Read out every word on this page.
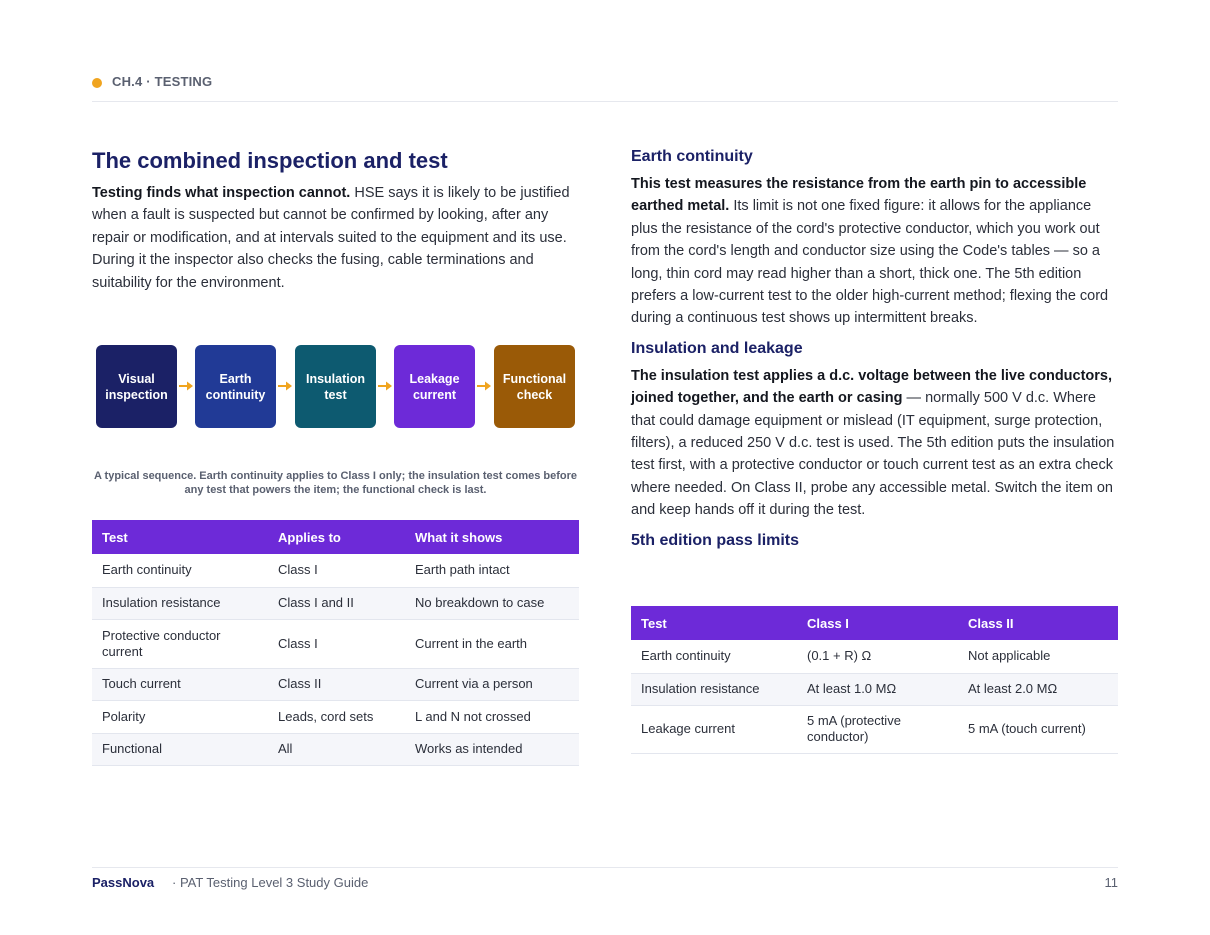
CH.4 · TESTING
The combined inspection and test

Testing finds what inspection cannot. HSE says it is likely to be justified when a fault is suspected but cannot be confirmed by looking, after any repair or modification, and at intervals suited to the equipment and its use. During it the inspector also checks the fusing, cable terminations and suitability for the environment.

Visual
inspection
Earth
continuity
Insulation
test
Leakage
current
Functional
check
A typical sequence. Earth continuity applies to Class I only; the insulation test comes before any test that powers the item; the functional check is last.
Test	Applies to	What it shows
Earth continuity	Class I	Earth path intact
Insulation resistance	Class I and II	No breakdown to case
Protective conductor current	Class I	Current in the earth
Touch current	Class II	Current via a person
Polarity	Leads, cord sets	L and N not crossed
Functional	All	Works as intended
Earth continuity

This test measures the resistance from the earth pin to accessible earthed metal. Its limit is not one fixed figure: it allows for the appliance plus the resistance of the cord's protective conductor, which you work out from the cord's length and conductor size using the Code's tables — so a long, thin cord may read higher than a short, thick one. The 5th edition prefers a low-current test to the older high-current method; flexing the cord during a continuous test shows up intermittent breaks.

Insulation and leakage

The insulation test applies a d.c. voltage between the live conductors, joined together, and the earth or casing — normally 500 V d.c. Where that could damage equipment or mislead (IT equipment, surge protection, filters), a reduced 250 V d.c. test is used. The 5th edition puts the insulation test first, with a protective conductor or touch current test as an extra check where needed. On Class II, probe any accessible metal. Switch the item on and keep hands off it during the test.

5th edition pass limits
Test	Class I	Class II
Earth continuity	(0.1 + R) Ω	Not applicable
Insulation resistance	At least 1.0 MΩ	At least 2.0 MΩ
Leakage current	5 mA (protective conductor)	5 mA (touch current)
PassNova · PAT Testing Level 3 Study Guide	11
